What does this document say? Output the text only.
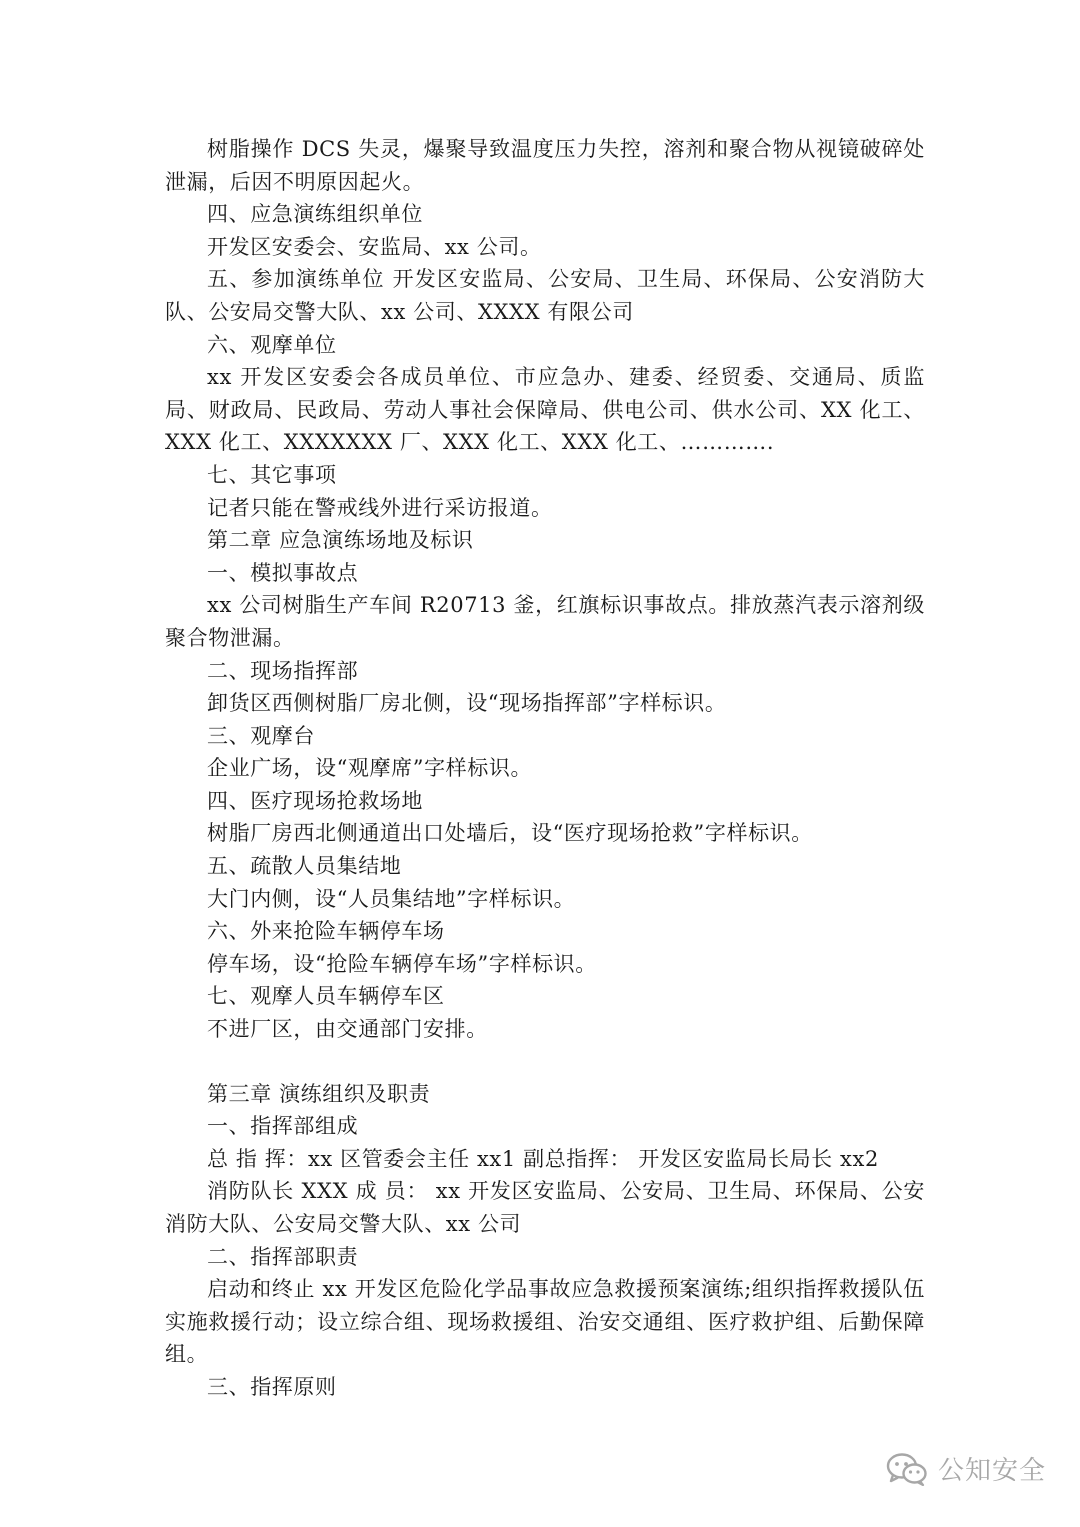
树脂操作 DCS 失灵，爆聚导致温度压力失控，溶剂和聚合物从视镜破碎处泄漏，后因不明原因起火。

四、应急演练组织单位

开发区安委会、安监局、xx 公司。

五、参加演练单位 开发区安监局、公安局、卫生局、环保局、公安消防大队、公安局交警大队、xx 公司、XXXX 有限公司

六、观摩单位

xx 开发区安委会各成员单位、市应急办、建委、经贸委、交通局、质监局、财政局、民政局、劳动人事社会保障局、供电公司、供水公司、XX 化工、XXX 化工、XXXXXXX 厂、XXX 化工、XXX 化工、………….

七、其它事项

记者只能在警戒线外进行采访报道。

第二章 应急演练场地及标识

一、模拟事故点

xx 公司树脂生产车间 R20713 釜，红旗标识事故点。排放蒸汽表示溶剂级聚合物泄漏。

二、现场指挥部

卸货区西侧树脂厂房北侧，设“现场指挥部”字样标识。

三、观摩台

企业广场，设“观摩席”字样标识。

四、医疗现场抢救场地

树脂厂房西北侧通道出口处墙后，设“医疗现场抢救”字样标识。

五、疏散人员集结地

大门内侧，设“人员集结地”字样标识。

六、外来抢险车辆停车场

停车场，设“抢险车辆停车场”字样标识。

七、观摩人员车辆停车区

不进厂区，由交通部门安排。

第三章 演练组织及职责

一、指挥部组成

总 指 挥：xx 区管委会主任 xx1 副总指挥： 开发区安监局长局长 xx2

消防队长 XXX 成 员： xx 开发区安监局、公安局、卫生局、环保局、公安消防大队、公安局交警大队、xx 公司

二、指挥部职责

启动和终止 xx 开发区危险化学品事故应急救援预案演练;组织指挥救援队伍实施救援行动；设立综合组、现场救援组、治安交通组、医疗救护组、后勤保障组。

三、指挥原则

公知安全
